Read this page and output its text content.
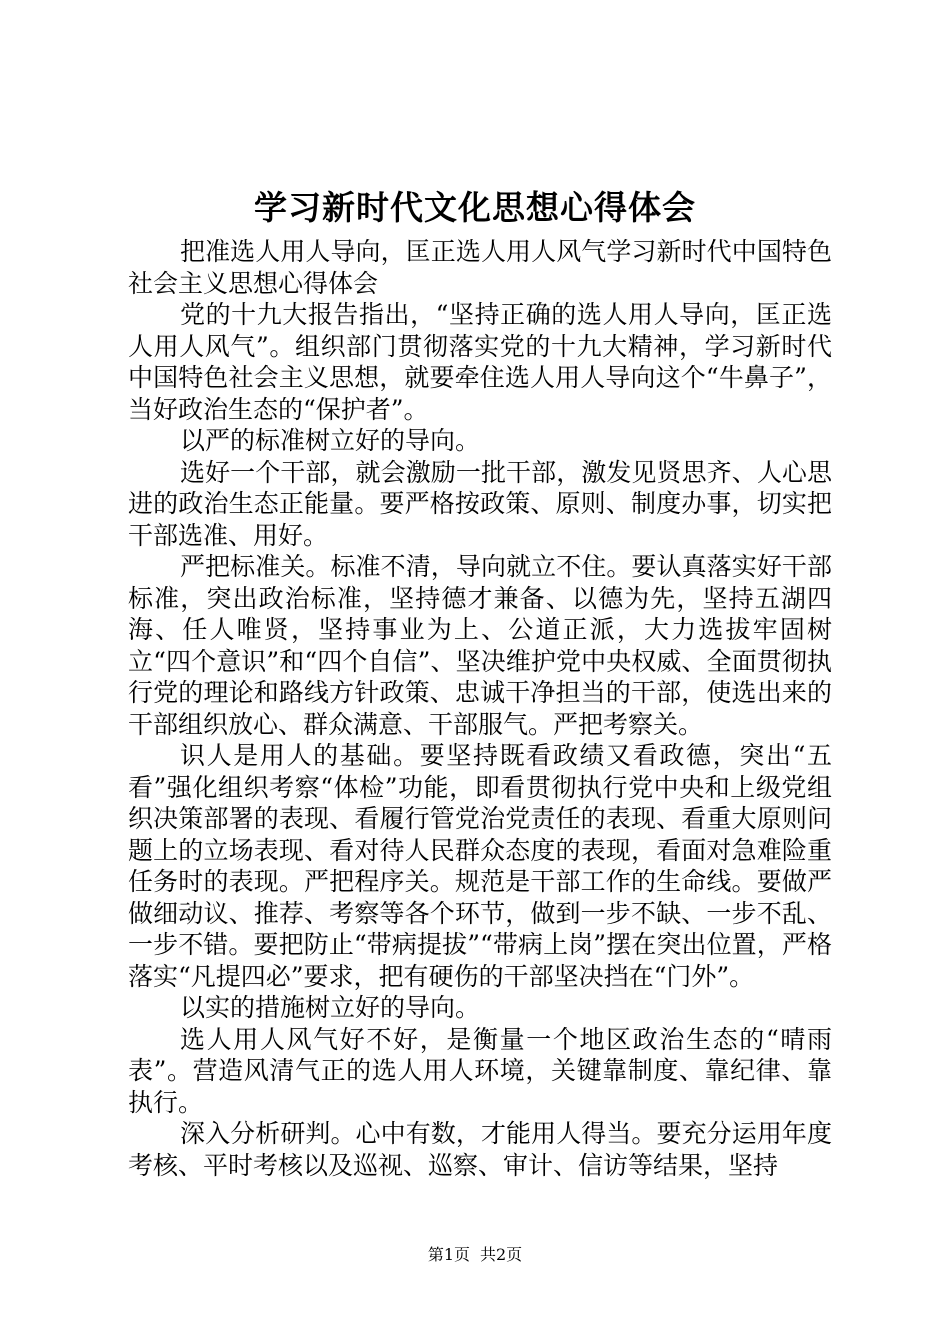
学习新时代文化思想心得体会

把准选人用人导向，匡正选人用人风气学习新时代中国特色社会主义思想心得体会

党的十九大报告指出，“坚持正确的选人用人导向，匡正选人用人风气”。组织部门贯彻落实党的十九大精神，学习新时代中国特色社会主义思想，就要牵住选人用人导向这个“牛鼻子”，当好政治生态的“保护者”。

以严的标准树立好的导向。

选好一个干部，就会激励一批干部，激发见贤思齐、人心思进的政治生态正能量。要严格按政策、原则、制度办事，切实把干部选准、用好。

严把标准关。标准不清，导向就立不住。要认真落实好干部标准，突出政治标准，坚持德才兼备、以德为先，坚持五湖四海、任人唯贤，坚持事业为上、公道正派，大力选拔牢固树立“四个意识”和“四个自信”、坚决维护党中央权威、全面贯彻执行党的理论和路线方针政策、忠诚干净担当的干部，使选出来的干部组织放心、群众满意、干部服气。严把考察关。

识人是用人的基础。要坚持既看政绩又看政德，突出“五看”强化组织考察“体检”功能，即看贯彻执行党中央和上级党组织决策部署的表现、看履行管党治党责任的表现、看重大原则问题上的立场表现、看对待人民群众态度的表现，看面对急难险重任务时的表现。严把程序关。规范是干部工作的生命线。要做严做细动议、推荐、考察等各个环节，做到一步不缺、一步不乱、一步不错。要把防止“带病提拔”“带病上岗”摆在突出位置，严格落实“凡提四必”要求，把有硬伤的干部坚决挡在“门外”。

以实的措施树立好的导向。

选人用人风气好不好，是衡量一个地区政治生态的“晴雨表”。营造风清气正的选人用人环境，关键靠制度、靠纪律、靠执行。

深入分析研判。心中有数，才能用人得当。要充分运用年度考核、平时考核以及巡视、巡察、审计、信访等结果，坚持

第1页 共2页
